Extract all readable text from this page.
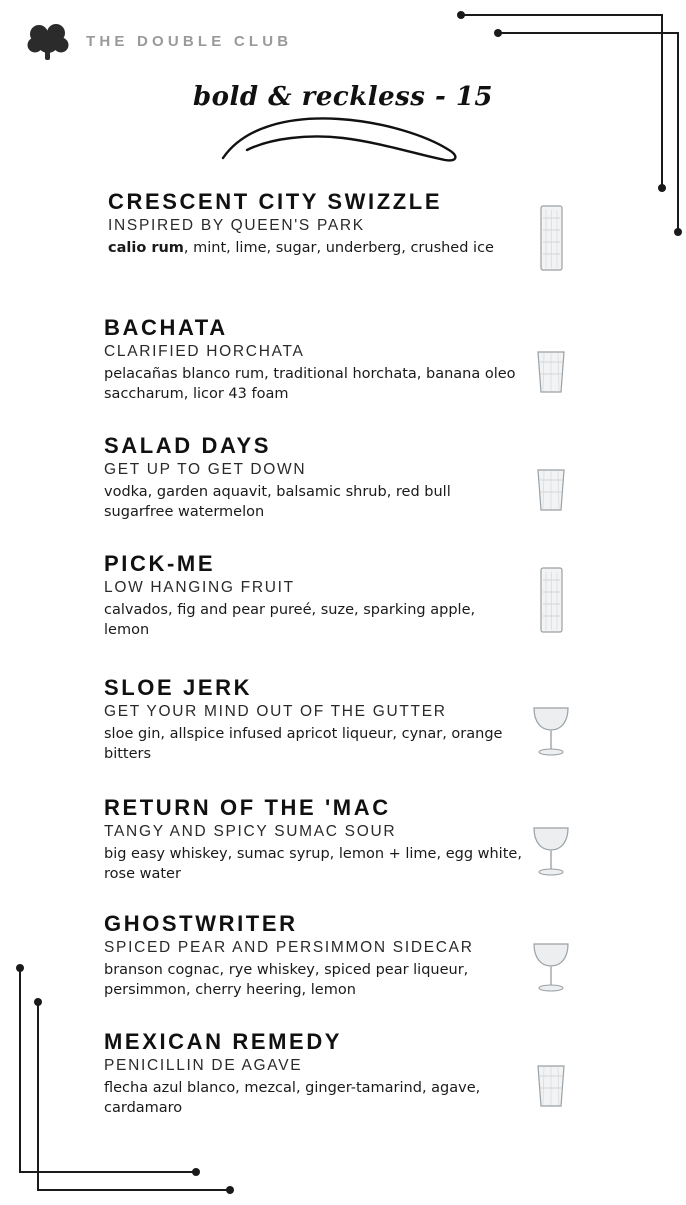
THE DOUBLE CLUB
bold & reckless - 15
CRESCENT CITY SWIZZLE
INSPIRED BY QUEEN'S PARK
calio rum, mint, lime, sugar, underberg, crushed ice
BACHATA
CLARIFIED HORCHATA
pelacañas blanco rum, traditional horchata, banana oleo saccharum, licor 43 foam
SALAD DAYS
GET UP TO GET DOWN
vodka, garden aquavit, balsamic shrub, red bull sugarfree watermelon
PICK-ME
LOW HANGING FRUIT
calvados, fig and pear pureé, suze, sparking apple, lemon
SLOE JERK
GET YOUR MIND OUT OF THE GUTTER
sloe gin, allspice infused apricot liqueur, cynar, orange bitters
RETURN OF THE 'MAC
TANGY AND SPICY SUMAC SOUR
big easy whiskey, sumac syrup, lemon + lime, egg white, rose water
GHOSTWRITER
SPICED PEAR AND PERSIMMON SIDECAR
branson cognac, rye whiskey, spiced pear liqueur, persimmon, cherry heering, lemon
MEXICAN REMEDY
PENICILLIN DE AGAVE
flecha azul blanco, mezcal, ginger-tamarind, agave, cardamaro
